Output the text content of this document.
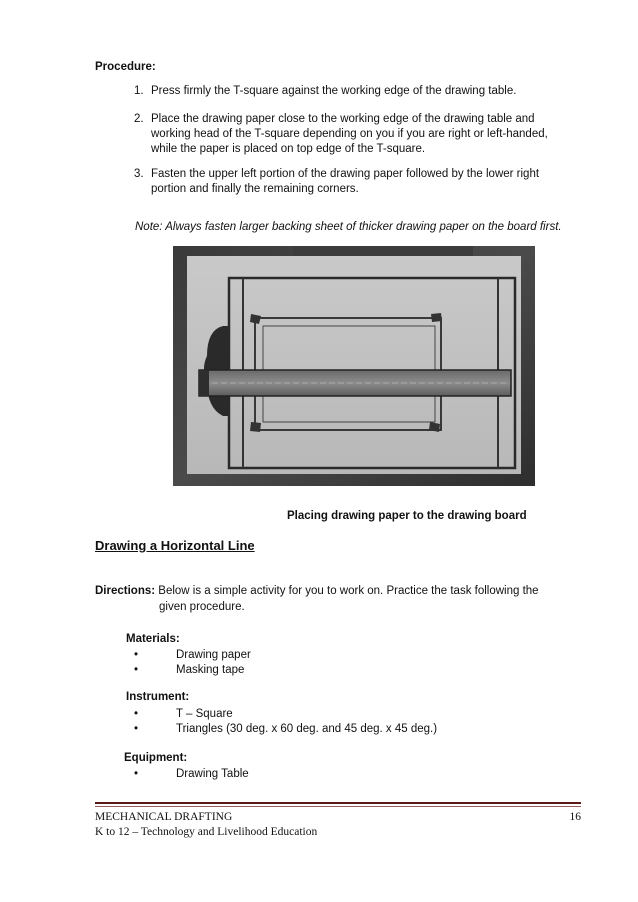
Procedure:
1. Press firmly the T-square against the working edge of the drawing table.
2. Place the drawing paper close to the working edge of the drawing table and
working head of the T-square depending on you if you are right or left-handed,
while the paper is placed on top edge of the T-square.
3. Fasten the upper left portion of the drawing paper followed by the lower right
portion and finally the remaining corners.
Note: Always fasten larger backing sheet of thicker drawing paper on the board first.
Placing drawing paper to the drawing board
Drawing a Horizontal Line
Directions: Below is a simple activity for you to work on. Practice the task following the
given procedure.
Materials:
•	Drawing paper
•	Masking tape
Instrument:
•	T – Square
•	Triangles (30 deg. x 60 deg. and 45 deg. x 45 deg.)
Equipment:
•	Drawing Table
MECHANICAL DRAFTING	16
K to 12 – Technology and Livelihood Education
